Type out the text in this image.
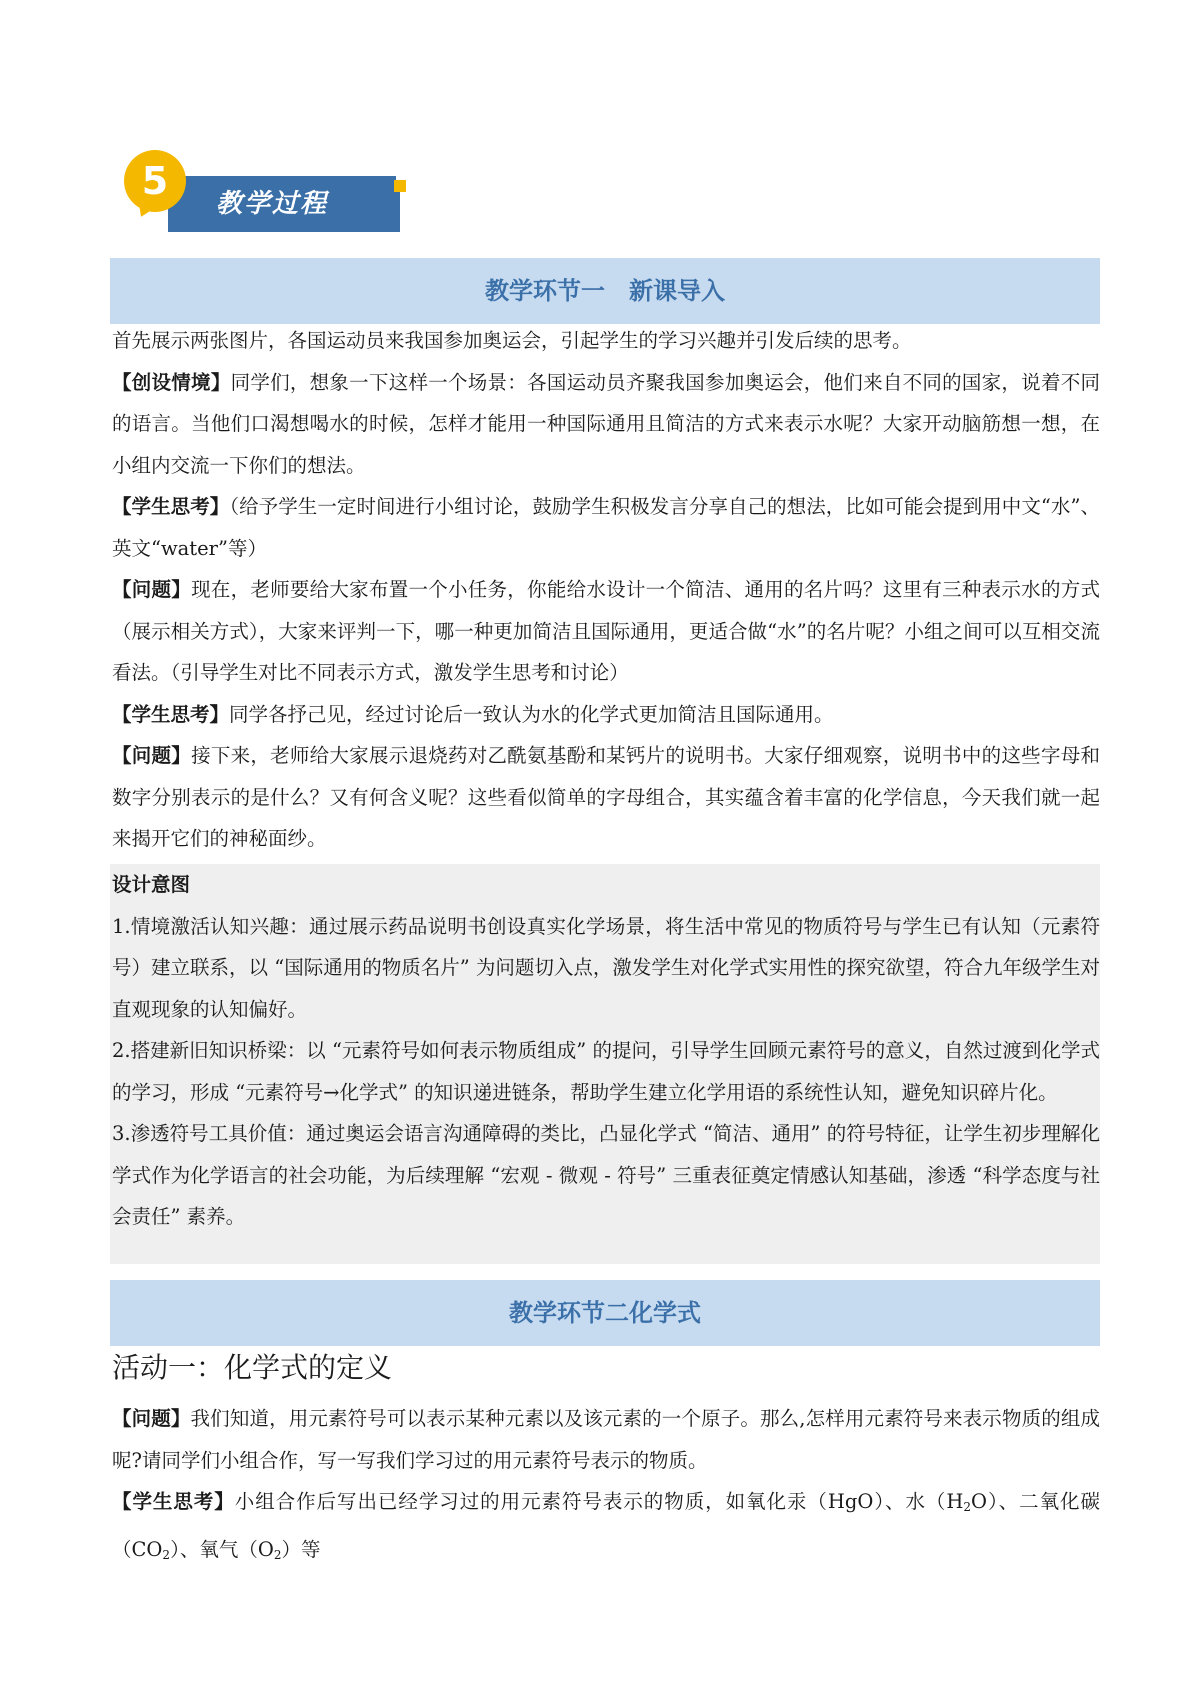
教学过程
5
教学环节一　新课导入

首先展示两张图片，各国运动员来我国参加奥运会，引起学生的学习兴趣并引发后续的思考。

【创设情境】同学们，想象一下这样一个场景：各国运动员齐聚我国参加奥运会，他们来自不同的国家，说着不同的语言。当他们口渴想喝水的时候，怎样才能用一种国际通用且简洁的方式来表示水呢？大家开动脑筋想一想，在小组内交流一下你们的想法。

【学生思考】（给予学生一定时间进行小组讨论，鼓励学生积极发言分享自己的想法，比如可能会提到用中文“水”、英文“water”等）

【问题】现在，老师要给大家布置一个小任务，你能给水设计一个简洁、通用的名片吗？这里有三种表示水的方式（展示相关方式），大家来评判一下，哪一种更加简洁且国际通用，更适合做“水”的名片呢？小组之间可以互相交流看法。（引导学生对比不同表示方式，激发学生思考和讨论）

【学生思考】同学各抒己见，经过讨论后一致认为水的化学式更加简洁且国际通用。

【问题】接下来，老师给大家展示退烧药对乙酰氨基酚和某钙片的说明书。大家仔细观察，说明书中的这些字母和数字分别表示的是什么？又有何含义呢？这些看似简单的字母组合，其实蕴含着丰富的化学信息，今天我们就一起来揭开它们的神秘面纱。

设计意图

1.情境激活认知兴趣：通过展示药品说明书创设真实化学场景，将生活中常见的物质符号与学生已有认知（元素符号）建立联系，以 “国际通用的物质名片” 为问题切入点，激发学生对化学式实用性的探究欲望，符合九年级学生对直观现象的认知偏好。

2.搭建新旧知识桥梁：以 “元素符号如何表示物质组成” 的提问，引导学生回顾元素符号的意义，自然过渡到化学式的学习，形成 “元素符号→化学式” 的知识递进链条，帮助学生建立化学用语的系统性认知，避免知识碎片化。

3.渗透符号工具价值：通过奥运会语言沟通障碍的类比，凸显化学式 “简洁、通用” 的符号特征，让学生初步理解化学式作为化学语言的社会功能，为后续理解 “宏观 - 微观 - 符号” 三重表征奠定情感认知基础，渗透 “科学态度与社会责任” 素养。

教学环节二化学式
活动一：化学式的定义

【问题】我们知道，用元素符号可以表示某种元素以及该元素的一个原子。那么,怎样用元素符号来表示物质的组成呢?请同学们小组合作，写一写我们学习过的用元素符号表示的物质。

【学生思考】小组合作后写出已经学习过的用元素符号表示的物质，如氧化汞（HgO）、水$(H_2O)$、二氧化碳$(CO_2)$、氧气$(O_2)$等
